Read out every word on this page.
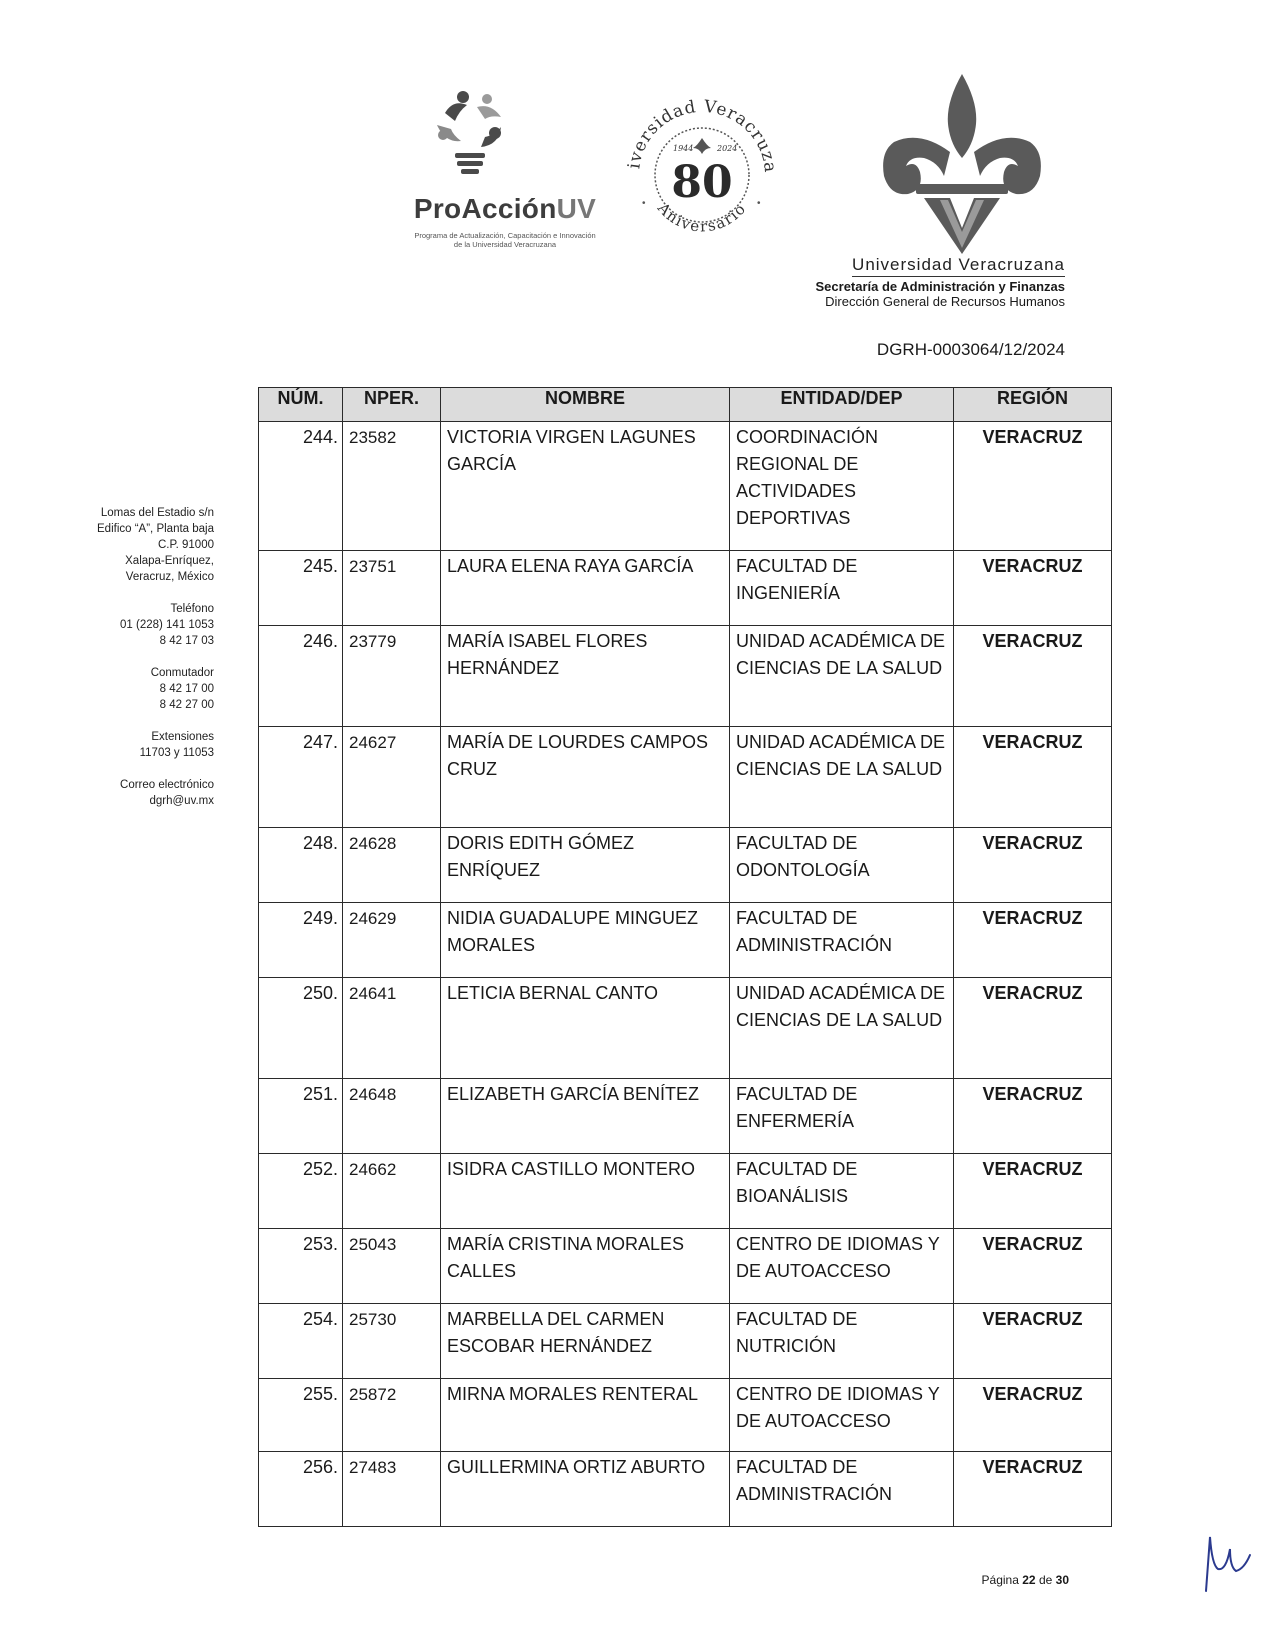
ProAcciónUV
Programa de Actualización, Capacitación e Innovación
de la Universidad Veracruzana
iversidad Veracruza
Aniversario
1944	2024
80
•	•
Universidad Veracruzana
Secretaría de Administración y Finanzas
Dirección General de Recursos Humanos
DGRH-0003064/12/2024
Lomas del Estadio s/n
Edifico “A”, Planta baja
C.P. 91000
Xalapa-Enríquez,
Veracruz, México
Teléfono
01 (228) 141 1053
8 42 17 03
Conmutador
8 42 17 00
8 42 27 00
Extensiones
11703 y 11053
Correo electrónico
dgrh@uv.mx
NÚM.	NPER.	NOMBRE	ENTIDAD/DEP	REGIÓN
244.	23582	VICTORIA VIRGEN LAGUNES GARCÍA	COORDINACIÓN REGIONAL DE ACTIVIDADES DEPORTIVAS	VERACRUZ
245.	23751	LAURA ELENA RAYA GARCÍA	FACULTAD DE INGENIERÍA	VERACRUZ
246.	23779	MARÍA ISABEL FLORES HERNÁNDEZ	UNIDAD ACADÉMICA DE CIENCIAS DE LA SALUD	VERACRUZ
247.	24627	MARÍA DE LOURDES CAMPOS CRUZ	UNIDAD ACADÉMICA DE CIENCIAS DE LA SALUD	VERACRUZ
248.	24628	DORIS EDITH GÓMEZ ENRÍQUEZ	FACULTAD DE ODONTOLOGÍA	VERACRUZ
249.	24629	NIDIA GUADALUPE MINGUEZ MORALES	FACULTAD DE ADMINISTRACIÓN	VERACRUZ
250.	24641	LETICIA BERNAL CANTO	UNIDAD ACADÉMICA DE CIENCIAS DE LA SALUD	VERACRUZ
251.	24648	ELIZABETH GARCÍA BENÍTEZ	FACULTAD DE ENFERMERÍA	VERACRUZ
252.	24662	ISIDRA CASTILLO MONTERO	FACULTAD DE BIOANÁLISIS	VERACRUZ
253.	25043	MARÍA CRISTINA MORALES CALLES	CENTRO DE IDIOMAS Y DE AUTOACCESO	VERACRUZ
254.	25730	MARBELLA DEL CARMEN ESCOBAR HERNÁNDEZ	FACULTAD DE NUTRICIÓN	VERACRUZ
255.	25872	MIRNA MORALES RENTERAL	CENTRO DE IDIOMAS Y DE AUTOACCESO	VERACRUZ
256.	27483	GUILLERMINA ORTIZ ABURTO	FACULTAD DE ADMINISTRACIÓN	VERACRUZ
Página 22 de 30
